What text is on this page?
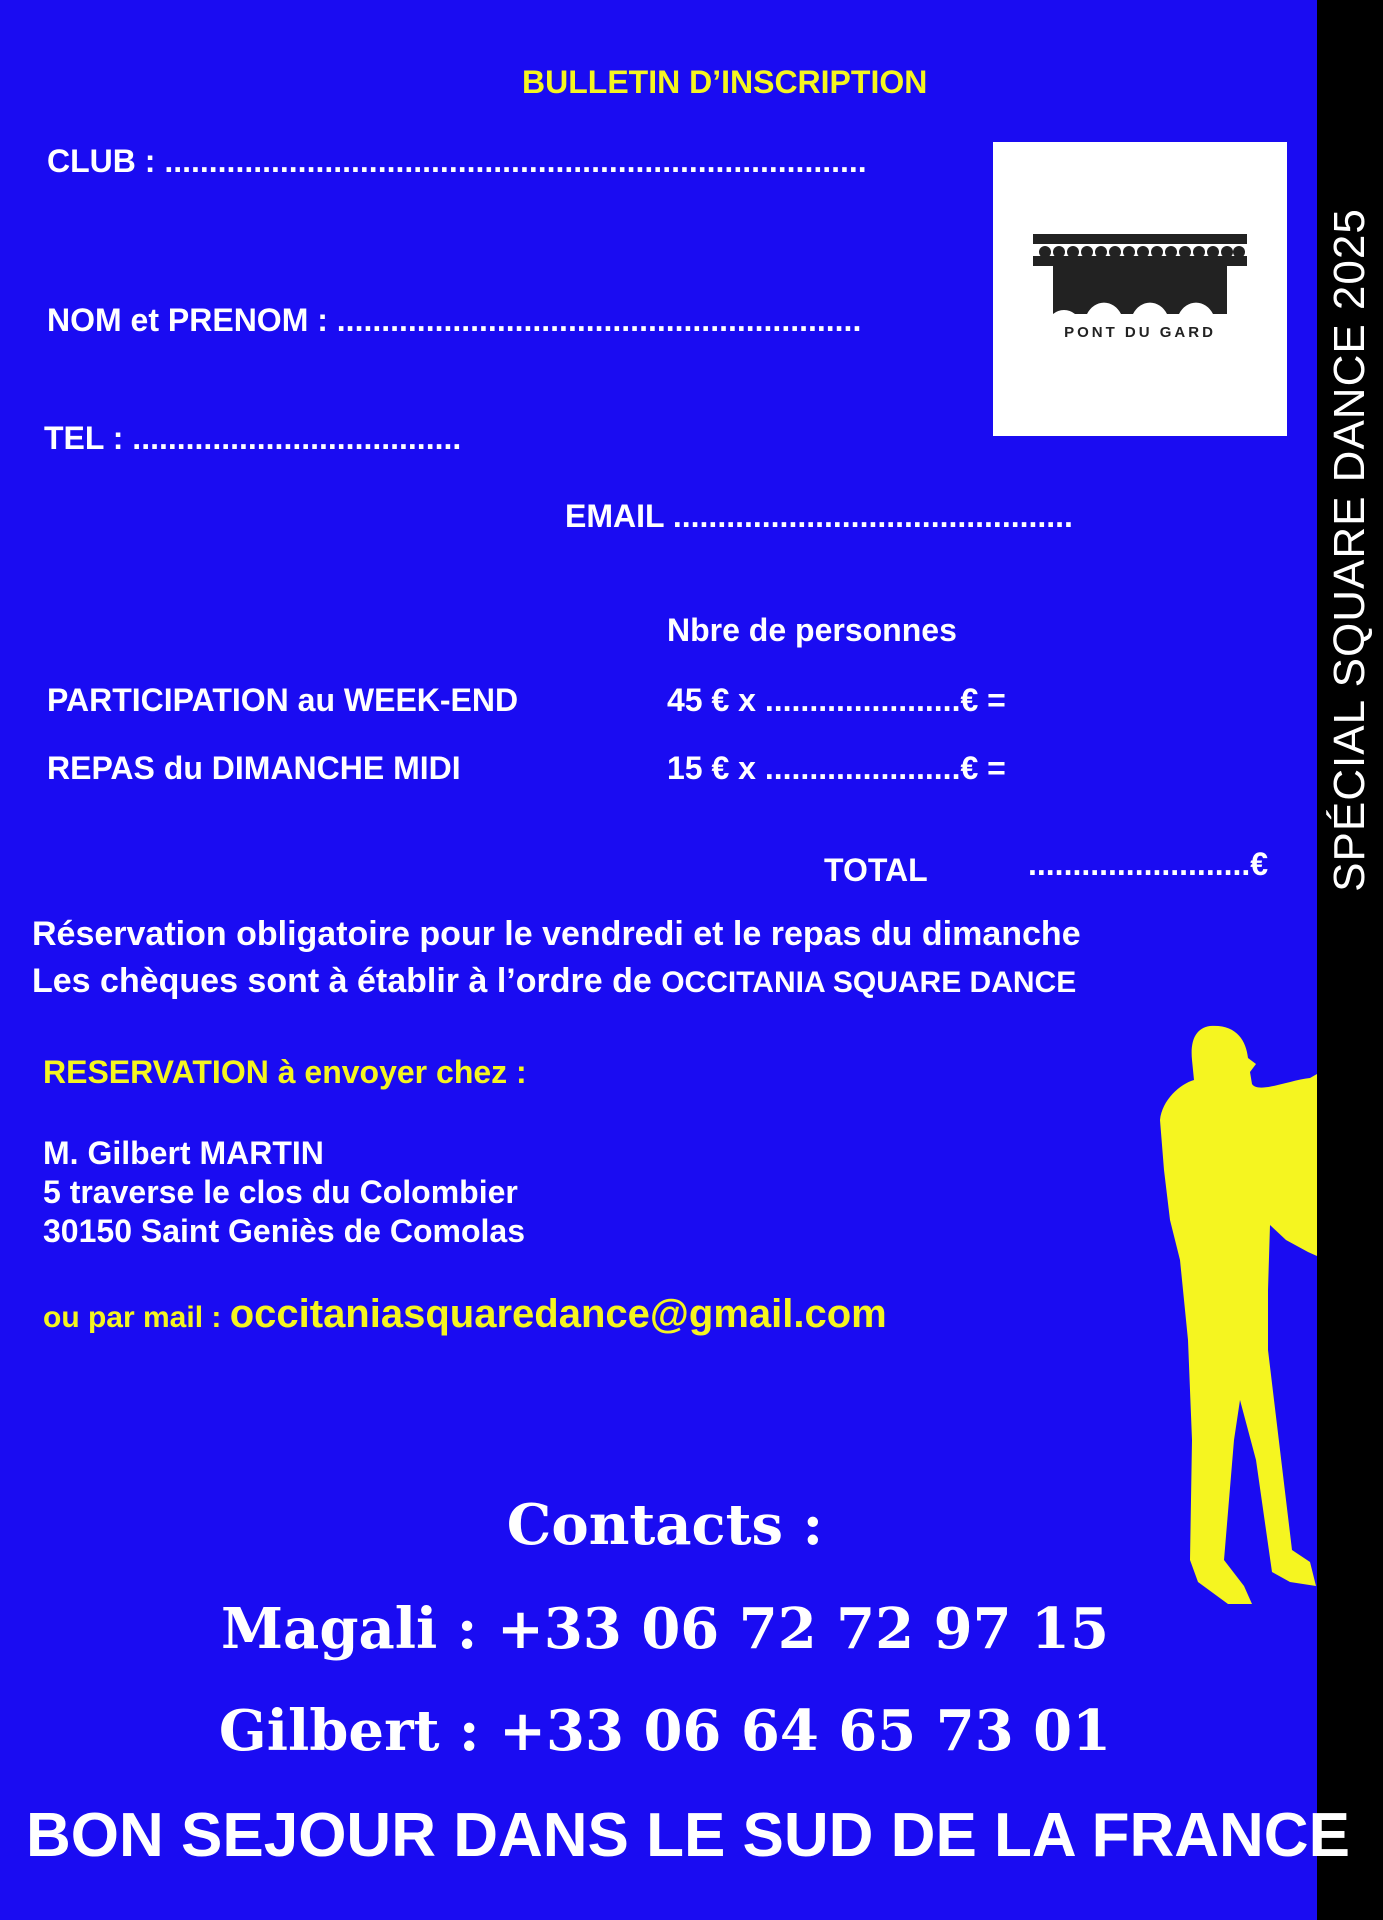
SPÉCIAL SQUARE DANCE 2025
PONT DU GARD
BULLETIN D’INSCRIPTION
CLUB : ...............................................................................
NOM et PRENOM : ...........................................................
TEL : .....................................
EMAIL .............................................
Nbre de personnes
PARTICIPATION au WEEK-END	45 € x ......................€ =
REPAS du DIMANCHE MIDI	15 € x ......................€ =
TOTAL	.........................€
Réservation obligatoire pour le vendredi et le repas du dimanche
Les chèques sont à établir à l’ordre de OCCITANIA SQUARE DANCE
RESERVATION à envoyer chez :
M. Gilbert MARTIN
5 traverse le clos du Colombier
30150 Saint Geniès de Comolas
ou par mail : occitaniasquaredance@gmail.com
Contacts :
Magali : +33 06 72 72 97 15
Gilbert : +33 06 64 65 73 01
BON SEJOUR DANS LE SUD DE LA FRANCE
